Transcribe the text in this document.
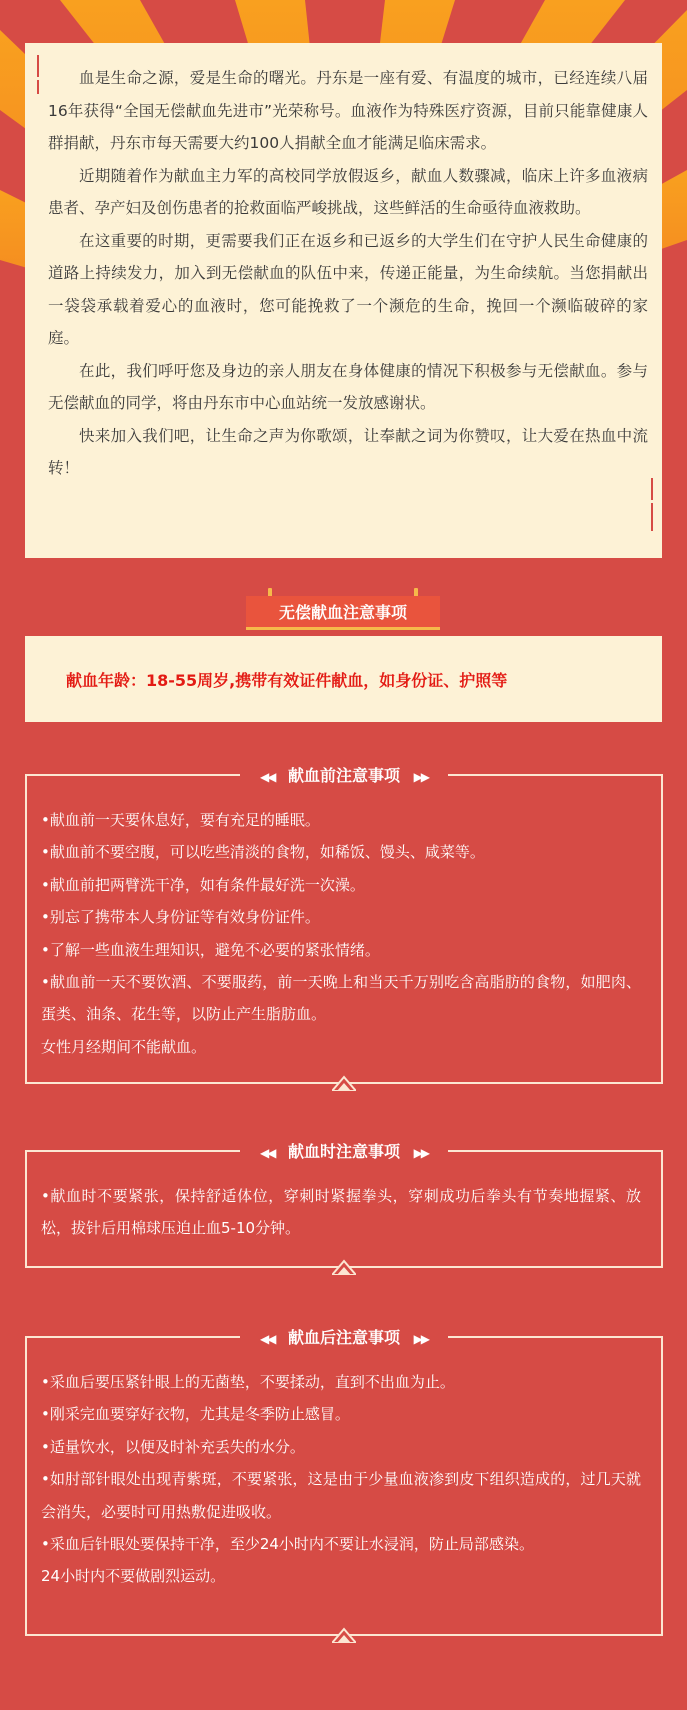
血是生命之源，爱是生命的曙光。丹东是一座有爱、有温度的城市，已经连续八届16年获得“全国无偿献血先进市”光荣称号。血液作为特殊医疗资源，目前只能靠健康人群捐献，丹东市每天需要大约100人捐献全血才能满足临床需求。

近期随着作为献血主力军的高校同学放假返乡，献血人数骤减，临床上许多血液病患者、孕产妇及创伤患者的抢救面临严峻挑战，这些鲜活的生命亟待血液救助。

在这重要的时期，更需要我们正在返乡和已返乡的大学生们在守护人民生命健康的道路上持续发力，加入到无偿献血的队伍中来，传递正能量，为生命续航。当您捐献出一袋袋承载着爱心的血液时，您可能挽救了一个濒危的生命，挽回一个濒临破碎的家庭。

在此，我们呼吁您及身边的亲人朋友在身体健康的情况下积极参与无偿献血。参与无偿献血的同学，将由丹东市中心血站统一发放感谢状。

快来加入我们吧，让生命之声为你歌颂，让奉献之词为你赞叹，让大爱在热血中流转！

无偿献血注意事项
献血年龄：18-55周岁,携带有效证件献血，如身份证、护照等
◀◀ 献血前注意事项 ▶▶
•献血前一天要休息好，要有充足的睡眠。
•献血前不要空腹，可以吃些清淡的食物，如稀饭、馒头、咸菜等。
•献血前把两臂洗干净，如有条件最好洗一次澡。
•别忘了携带本人身份证等有效身份证件。
•了解一些血液生理知识，避免不必要的紧张情绪。
•献血前一天不要饮酒、不要服药，前一天晚上和当天千万别吃含高脂肪的食物，如肥肉、蛋类、油条、花生等，以防止产生脂肪血。
女性月经期间不能献血。
◀◀ 献血时注意事项 ▶▶
•献血时不要紧张，保持舒适体位，穿刺时紧握拳头，穿刺成功后拳头有节奏地握紧、放松，拔针后用棉球压迫止血5-10分钟。
◀◀ 献血后注意事项 ▶▶
•采血后要压紧针眼上的无菌垫，不要揉动，直到不出血为止。
•刚采完血要穿好衣物，尤其是冬季防止感冒。
•适量饮水，以便及时补充丢失的水分。
•如肘部针眼处出现青紫斑，不要紧张，这是由于少量血液渗到皮下组织造成的，过几天就会消失，必要时可用热敷促进吸收。
•采血后针眼处要保持干净，至少24小时内不要让水浸润，防止局部感染。
24小时内不要做剧烈运动。
